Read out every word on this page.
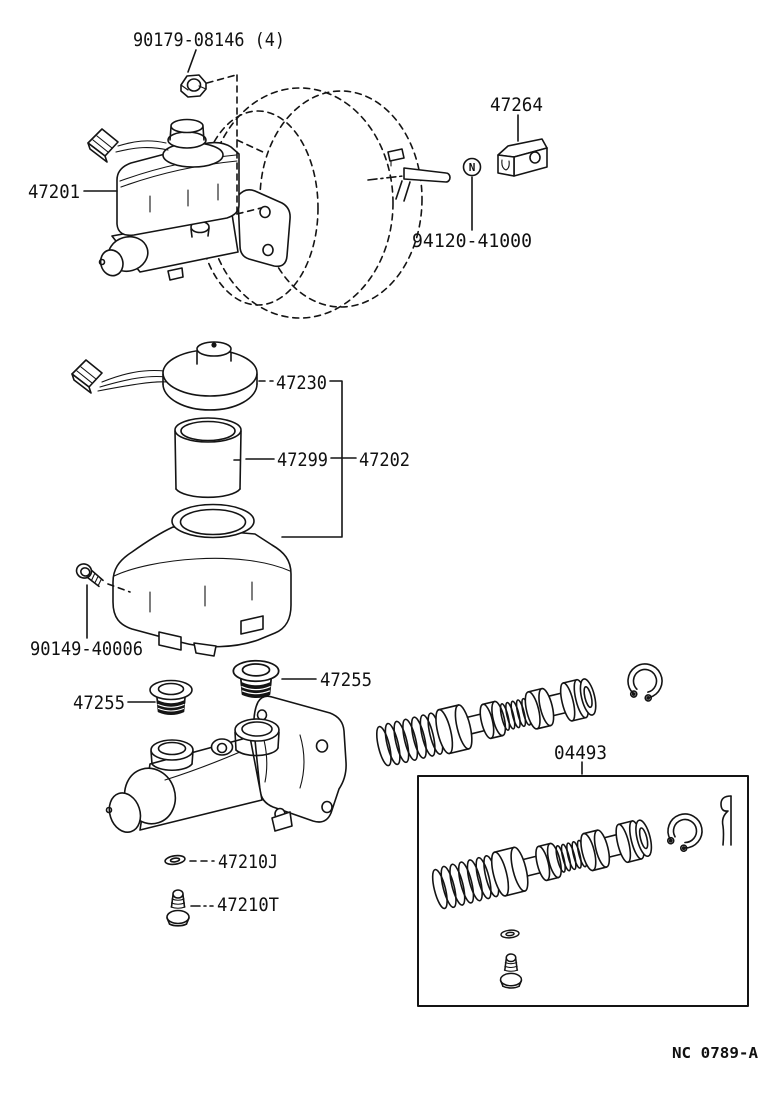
N
90179-08146 (4)
47264
47201
94120-41000
47230
47299 47202
90149-40006
47255
47255
47210J
47210T
04493
NC 0789-A
